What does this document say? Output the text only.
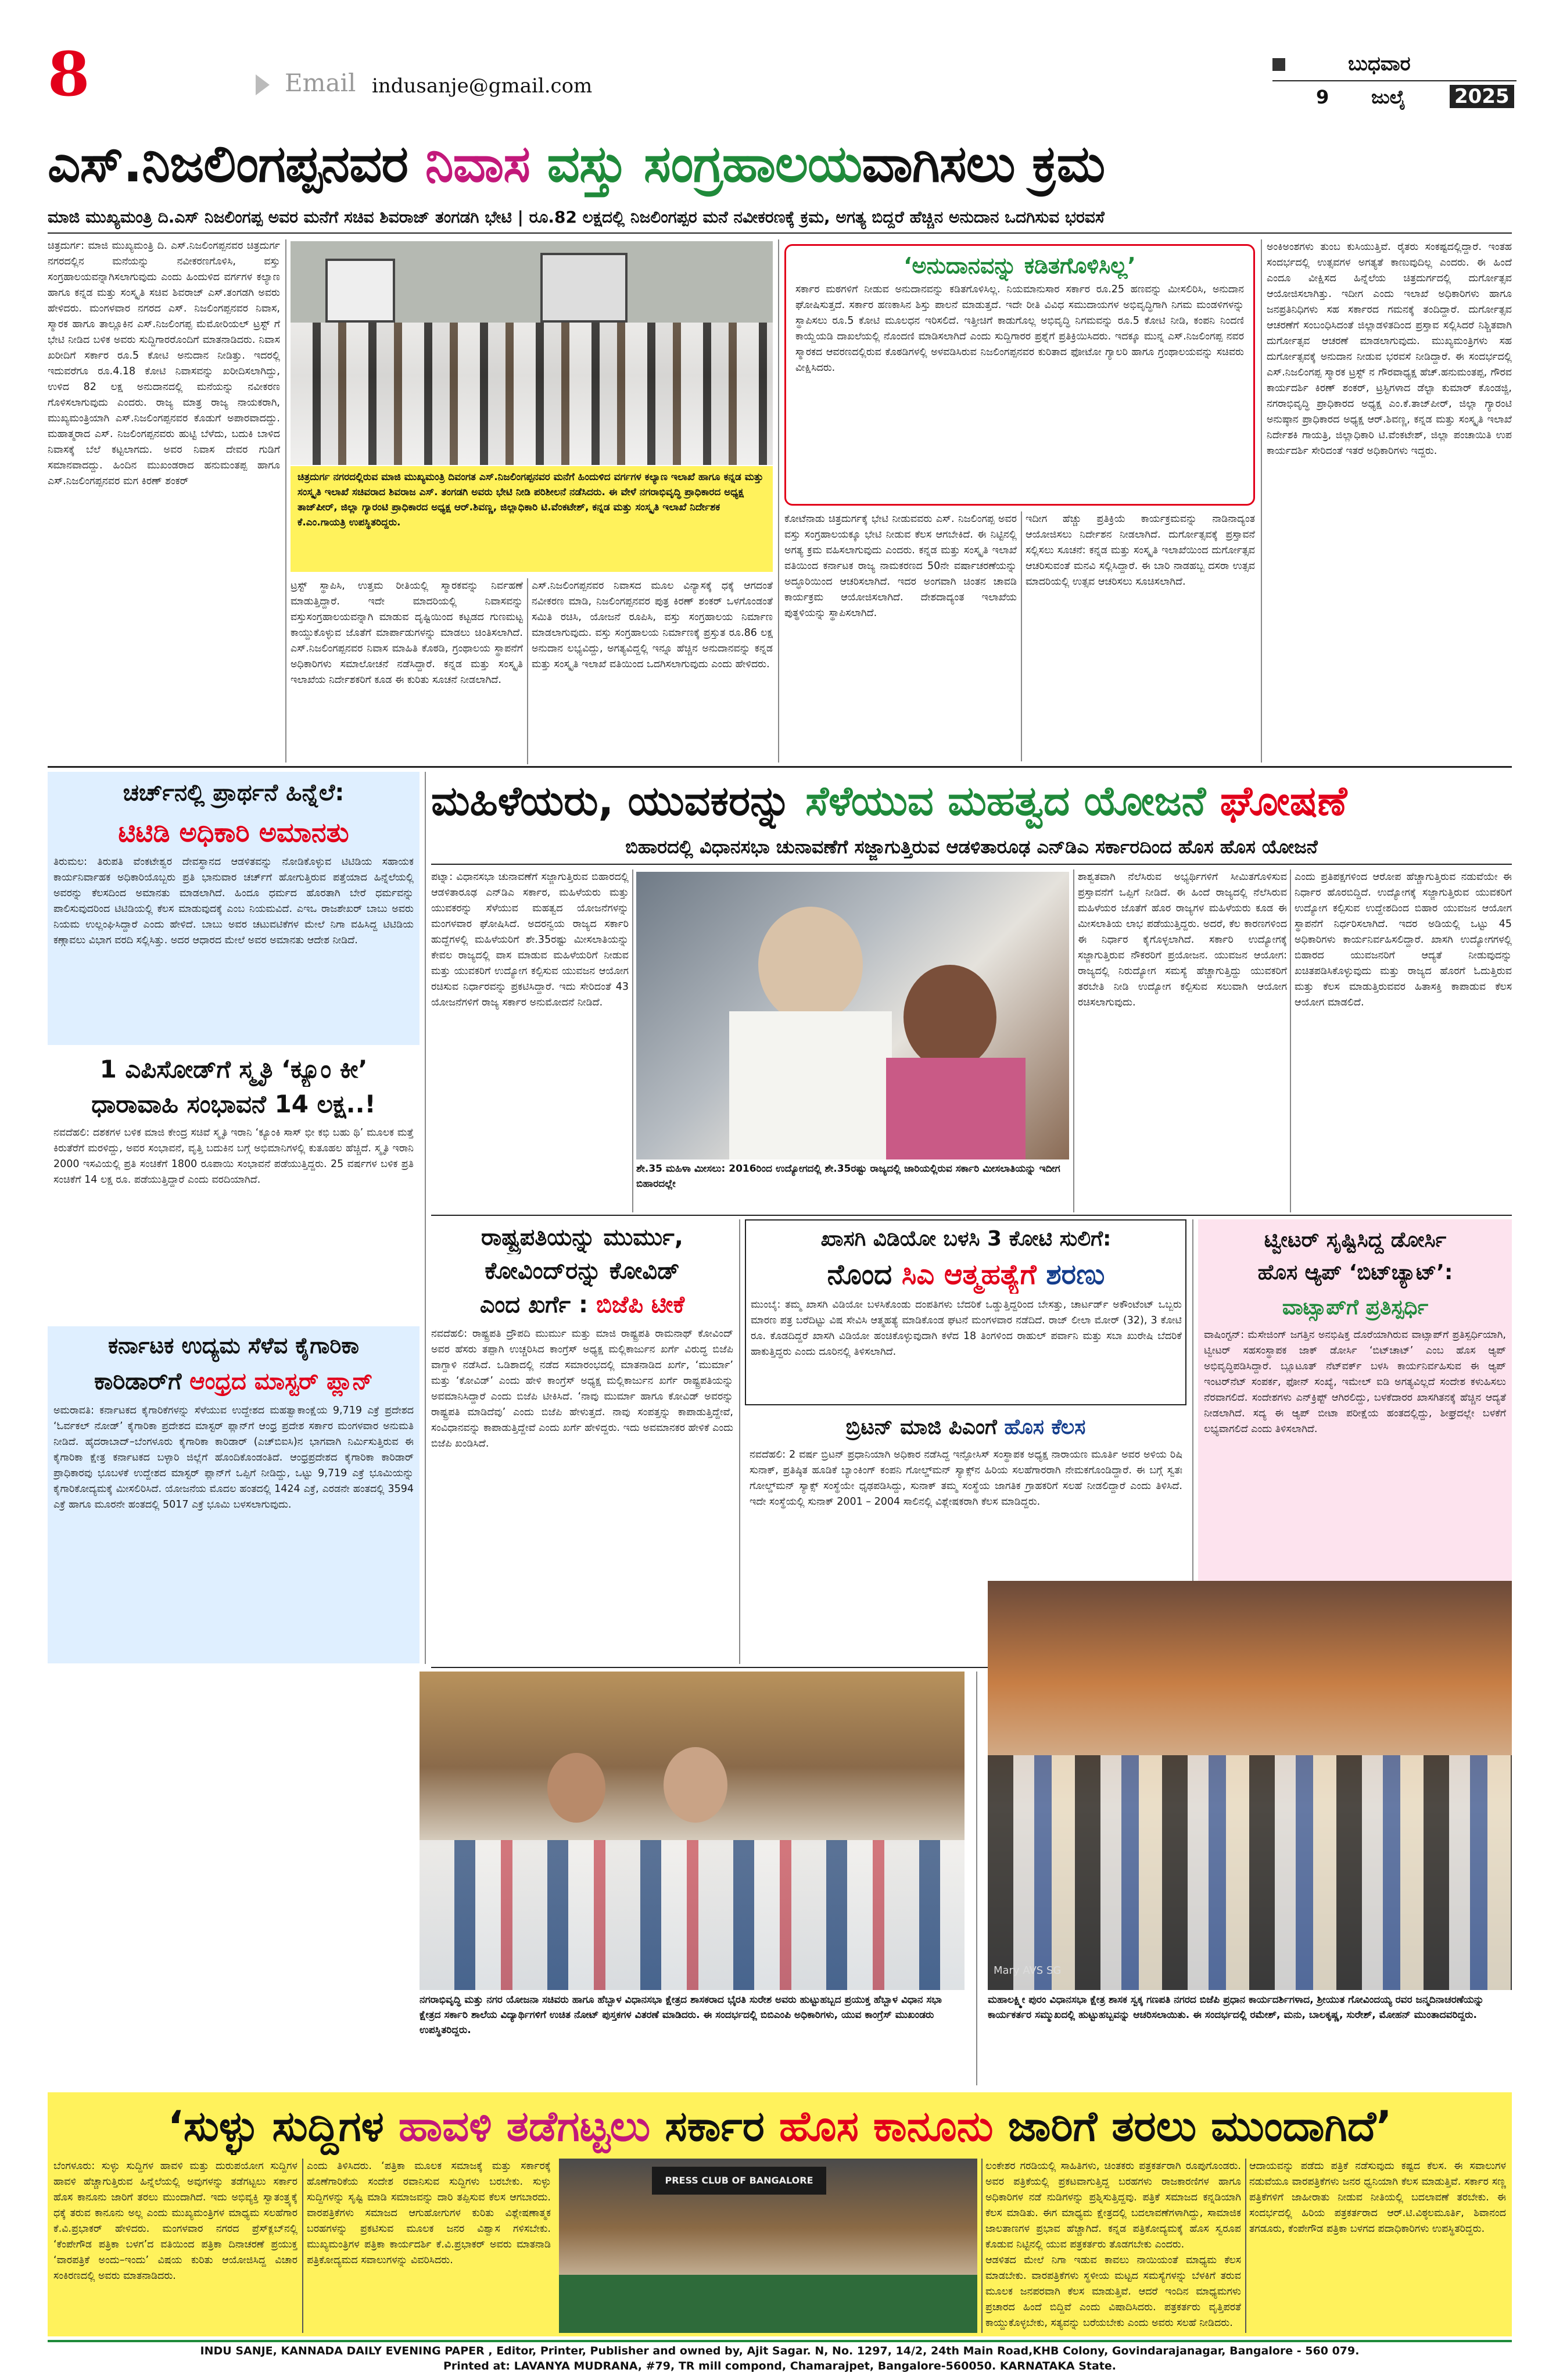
8	Email indusanje@gmail.com
ಬುಧವಾರ
9 ಜುಲೈ 2025
ಎಸ್.ನಿಜಲಿಂಗಪ್ಪನವರ ನಿವಾಸ ವಸ್ತು ಸಂಗ್ರಹಾಲಯವಾಗಿಸಲು ಕ್ರಮ
ಮಾಜಿ ಮುಖ್ಯಮಂತ್ರಿ ದಿ.ಎಸ್ ನಿಜಲಿಂಗಪ್ಪ ಅವರ ಮನೆಗೆ ಸಚಿವ ಶಿವರಾಜ್ ತಂಗಡಗಿ ಭೇಟಿ | ರೂ.82 ಲಕ್ಷದಲ್ಲಿ ನಿಜಲಿಂಗಪ್ಪರ ಮನೆ ನವೀಕರಣಕ್ಕೆ ಕ್ರಮ, ಅಗತ್ಯ ಬಿದ್ದರೆ ಹೆಚ್ಚಿನ ಅನುದಾನ ಒದಗಿಸುವ ಭರವಸೆ
ಚಿತ್ರದುರ್ಗ: ಮಾಜಿ ಮುಖ್ಯಮಂತ್ರಿ ದಿ. ಎಸ್.ನಿಜಲಿಂಗಪ್ಪನವರ ಚಿತ್ರದುರ್ಗ ನಗರದಲ್ಲಿನ ಮನೆಯನ್ನು ನವೀಕರಣಗೊಳಿಸಿ, ವಸ್ತು ಸಂಗ್ರಹಾಲಯವನ್ನಾಗಿಸಲಾಗುವುದು ಎಂದು ಹಿಂದುಳಿದ ವರ್ಗಗಳ ಕಲ್ಯಾಣ ಹಾಗೂ ಕನ್ನಡ ಮತ್ತು ಸಂಸ್ಕೃತಿ ಸಚಿವ ಶಿವರಾಜ್ ಎಸ್.ತಂಗಡಗಿ ಅವರು ಹೇಳಿದರು. ಮಂಗಳವಾರ ನಗರದ ಎಸ್. ನಿಜಲಿಂಗಪ್ಪನವರ ನಿವಾಸ, ಸ್ಮಾರಕ ಹಾಗೂ ತಾಲ್ಲೂಕಿನ ಎಸ್.ನಿಜಲಿಂಗಪ್ಪ ಮೆಮೋರಿಯಲ್ ಟ್ರಸ್ಟ್ ಗೆ ಭೇಟಿ ನೀಡಿದ ಬಳಿಕ ಅವರು ಸುದ್ದಿಗಾರರೊಂದಿಗೆ ಮಾತನಾಡಿದರು. ನಿವಾಸ ಖರೀದಿಗೆ ಸರ್ಕಾರ ರೂ.5 ಕೋಟಿ ಅನುದಾನ ನೀಡಿತ್ತು. ಇದರಲ್ಲಿ ಇದುವರೆಗೂ ರೂ.4.18 ಕೋಟಿ ನಿವಾಸವನ್ನು ಖರೀದಿಸಲಾಗಿದ್ದು, ಉಳಿದ 82 ಲಕ್ಷ ಅನುದಾನದಲ್ಲಿ ಮನೆಯನ್ನು ನವೀಕರಣ ಗೊಳಿಸಲಾಗುವುದು ಎಂದರು. ರಾಜ್ಯ ಮಾತ್ರ ರಾಜ್ಯ ನಾಯಕರಾಗಿ, ಮುಖ್ಯಮಂತ್ರಿಯಾಗಿ ಎಸ್.ನಿಜಲಿಂಗಪ್ಪನವರ ಕೊಡುಗೆ ಅಪಾರವಾದದ್ದು. ಮಹಾತ್ಮರಾದ ಎಸ್. ನಿಜಲಿಂಗಪ್ಪನವರು ಹುಟ್ಟಿ ಬೆಳೆದು, ಬದುಕಿ ಬಾಳಿದ ನಿವಾಸಕ್ಕೆ ಬೆಲೆ ಕಟ್ಟಲಾಗದು. ಅವರ ನಿವಾಸ ದೇವರ ಗುಡಿಗೆ ಸಮಾನವಾದದ್ದು. ಹಿಂದಿನ ಮುಖಂಡರಾದ ಹನುಮಂತಪ್ಪ ಹಾಗೂ ಎಸ್.ನಿಜಲಿಂಗಪ್ಪನವರ ಮಗ ಕಿರಣ್ ಶಂಕರ್	ಚಿತ್ರದುರ್ಗ ನಗರದಲ್ಲಿರುವ ಮಾಜಿ ಮುಖ್ಯಮಂತ್ರಿ ದಿವಂಗತ ಎಸ್.ನಿಜಲಿಂಗಪ್ಪನವರ ಮನೆಗೆ ಹಿಂದುಳಿದ ವರ್ಗಗಳ ಕಲ್ಯಾಣ ಇಲಾಖೆ ಹಾಗೂ ಕನ್ನಡ ಮತ್ತು ಸಂಸ್ಕೃತಿ ಇಲಾಖೆ ಸಚಿವರಾದ ಶಿವರಾಜ ಎಸ್. ತಂಗಡಗಿ ಅವರು ಭೇಟಿ ನೀಡಿ ಪರಿಶೀಲನೆ ನಡೆಸಿದರು. ಈ ವೇಳೆ ನಗರಾಭಿವೃದ್ಧಿ ಪ್ರಾಧಿಕಾರದ ಅಧ್ಯಕ್ಷ ತಾಜ್‌ಪೀರ್, ಜಿಲ್ಲಾ ಗ್ಯಾರಂಟಿ ಪ್ರಾಧಿಕಾರದ ಅಧ್ಯಕ್ಷ ಆರ್.ಶಿವಣ್ಣ, ಜಿಲ್ಲಾಧಿಕಾರಿ ಟಿ.ವೆಂಕಟೇಶ್, ಕನ್ನಡ ಮತ್ತು ಸಂಸ್ಕೃತಿ ಇಲಾಖೆ ನಿರ್ದೇಶಕ ಕೆ.ಎಂ.ಗಾಯತ್ರಿ ಉಪಸ್ಥಿತರಿದ್ದರು.
ಟ್ರಸ್ಟ್ ಸ್ಥಾಪಿಸಿ, ಉತ್ತಮ ರೀತಿಯಲ್ಲಿ ಸ್ಮಾರಕವನ್ನು ನಿರ್ವಹಣೆ ಮಾಡುತ್ತಿದ್ದಾರೆ. ಇದೇ ಮಾದರಿಯಲ್ಲಿ ನಿವಾಸವನ್ನು ವಸ್ತುಸಂಗ್ರಹಾಲಯವನ್ನಾಗಿ ಮಾಡುವ ದೃಷ್ಟಿಯಿಂದ ಕಟ್ಟಡದ ಗುಣಮಟ್ಟ ಕಾಯ್ದುಕೊಳ್ಳುವ ಜೊತೆಗೆ ಮಾರ್ಪಾಡುಗಳನ್ನು ಮಾಡಲು ಚಿಂತಿಸಲಾಗಿದೆ. ಎಸ್.ನಿಜಲಿಂಗಪ್ಪನವರ ನಿವಾಸ ಮಾಹಿತಿ ಕೊಠಡಿ, ಗ್ರಂಥಾಲಯ ಸ್ಥಾಪನೆಗೆ ಅಧಿಕಾರಿಗಳು ಸಮಾಲೋಚನೆ ನಡೆಸಿದ್ದಾರೆ. ಕನ್ನಡ ಮತ್ತು ಸಂಸ್ಕೃತಿ ಇಲಾಖೆಯ ನಿರ್ದೇಶಕರಿಗೆ ಕೂಡ ಈ ಕುರಿತು ಸೂಚನೆ ನೀಡಲಾಗಿದೆ.
ಎಸ್.ನಿಜಲಿಂಗಪ್ಪನವರ ನಿವಾಸದ ಮೂಲ ವಿನ್ಯಾಸಕ್ಕೆ ಧಕ್ಕೆ ಆಗದಂತೆ ನವೀಕರಣ ಮಾಡಿ, ನಿಜಲಿಂಗಪ್ಪನವರ ಪುತ್ರ ಕಿರಣ್ ಶಂಕರ್ ಒಳಗೊಂಡಂತೆ ಸಮಿತಿ ರಚಿಸಿ, ಯೋಜನೆ ರೂಪಿಸಿ, ವಸ್ತು ಸಂಗ್ರಹಾಲಯ ನಿರ್ಮಾಣ ಮಾಡಲಾಗುವುದು. ವಸ್ತು ಸಂಗ್ರಹಾಲಯ ನಿರ್ಮಾಣಕ್ಕೆ ಪ್ರಸ್ತುತ ರೂ.86 ಲಕ್ಷ ಅನುದಾನ ಲಭ್ಯವಿದ್ದು, ಅಗತ್ಯವಿದ್ದಲ್ಲಿ ಇನ್ನೂ ಹೆಚ್ಚಿನ ಅನುದಾನವನ್ನು ಕನ್ನಡ ಮತ್ತು ಸಂಸ್ಕೃತಿ ಇಲಾಖೆ ವತಿಯಿಂದ ಒದಗಿಸಲಾಗುವುದು ಎಂದು ಹೇಳಿದರು.
‘ಅನುದಾನವನ್ನು ಕಡಿತಗೊಳಿಸಿಲ್ಲ’
ಸರ್ಕಾರ ಮಠಗಳಿಗೆ ನೀಡುವ ಅನುದಾನವನ್ನು ಕಡಿತಗೊಳಿಸಿಲ್ಲ. ನಿಯಮಾನುಸಾರ ಸರ್ಕಾರ ರೂ.25 ಹಣವನ್ನು ಮೀಸಲಿರಿಸಿ, ಅನುದಾನ ಘೋಷಿಸುತ್ತದೆ. ಸರ್ಕಾರ ಹಣಕಾಸಿನ ಶಿಸ್ತು ಪಾಲನೆ ಮಾಡುತ್ತದೆ. ಇದೇ ರೀತಿ ವಿವಿಧ ಸಮುದಾಯಗಳ ಅಭಿವೃದ್ಧಿಗಾಗಿ ನಿಗಮ ಮಂಡಳಿಗಳನ್ನು ಸ್ಥಾಪಿಸಲು ರೂ.5 ಕೋಟಿ ಮೂಲಧನ ಇರಿಸಲಿದೆ. ಇತ್ತೀಚಿಗೆ ಕಾಡುಗೊಲ್ಲ ಅಭಿವೃದ್ಧಿ ನಿಗಮವನ್ನು ರೂ.5 ಕೋಟಿ ನೀಡಿ, ಕಂಪನಿ ನಿಂದಣಿ ಕಾಯ್ದೆಯಡಿ ದಾಖಲೆಯಲ್ಲಿ ನೊಂದಣಿ ಮಾಡಿಸಲಾಗಿದೆ ಎಂದು ಸುದ್ದಿಗಾರರ ಪ್ರಶ್ನೆಗೆ ಪ್ರತಿಕ್ರಿಯಿಸಿದರು. ಇದಕ್ಕೂ ಮುನ್ನ ಎಸ್.ನಿಜಲಿಂಗಪ್ಪ ನವರ ಸ್ಮಾರಕದ ಆವರಣದಲ್ಲಿರುವ ಕೊಠಡಿಗಳಲ್ಲಿ ಅಳವಡಿಸಿರುವ ನಿಜಲಿಂಗಪ್ಪನವರ ಕುರಿತಾದ ಫೋಟೋ ಗ್ಯಾಲರಿ ಹಾಗೂ ಗ್ರಂಥಾಲಯವನ್ನು ಸಚಿವರು ವೀಕ್ಷಿಸಿದರು.
ಕೋಟೆನಾಡು ಚಿತ್ರದುರ್ಗಕ್ಕೆ ಭೇಟಿ ನೀಡುವವರು ಎಸ್. ನಿಜಲಿಂಗಪ್ಪ ಅವರ ವಸ್ತು ಸಂಗ್ರಹಾಲಯಕ್ಕೂ ಭೇಟಿ ನೀಡುವ ಕೆಲಸ ಆಗಬೇಕಿದೆ. ಈ ನಿಟ್ಟಿನಲ್ಲಿ ಅಗತ್ಯ ಕ್ರಮ ವಹಿಸಲಾಗುವುದು ಎಂದರು. ಕನ್ನಡ ಮತ್ತು ಸಂಸ್ಕೃತಿ ಇಲಾಖೆ ವತಿಯಿಂದ ಕರ್ನಾಟಕ ರಾಜ್ಯ ನಾಮಕರಣದ 50ನೇ ವರ್ಷಾಚರಣೆಯನ್ನು ಅದ್ಧೂರಿಯಿಂದ ಆಚರಿಸಲಾಗಿದೆ. ಇದರ ಅಂಗವಾಗಿ ಚಿಂತನ ಚಾವಡಿ ಕಾರ್ಯಕ್ರಮ ಆಯೋಜಿಸಲಾಗಿದೆ. ದೇಶದಾದ್ಯಂತ ಇಲಾಖೆಯ ಪುತ್ಥಳಿಯನ್ನು ಸ್ಥಾಪಿಸಲಾಗಿದೆ.
ಇದೀಗ ಹೆಚ್ಚು ಪ್ರತಿಕ್ರಿಯೆ ಕಾರ್ಯಕ್ರಮವನ್ನು ನಾಡಿನಾದ್ಯಂತ ಆಯೋಜಿಸಲು ನಿರ್ದೇಶನ ನೀಡಲಾಗಿದೆ. ದುರ್ಗೋತ್ಸವಕ್ಕೆ ಪ್ರಸ್ತಾವನೆ ಸಲ್ಲಿಸಲು ಸೂಚನೆ: ಕನ್ನಡ ಮತ್ತು ಸಂಸ್ಕೃತಿ ಇಲಾಖೆಯಿಂದ ದುರ್ಗೋತ್ಸವ ಆಚರಿಸುವಂತೆ ಮನವಿ ಸಲ್ಲಿಸಿದ್ದಾರೆ. ಈ ಬಾರಿ ನಾಡಹಬ್ಬ ದಸರಾ ಉತ್ಸವ ಮಾದರಿಯಲ್ಲಿ ಉತ್ಸವ ಆಚರಿಸಲು ಸೂಚಿಸಲಾಗಿದೆ.
ಅಂಕಿಅಂಶಗಳು ತುಂಬ ಕುಸಿಯುತ್ತಿವೆ. ರೈತರು ಸಂಕಷ್ಟದಲ್ಲಿದ್ದಾರೆ. ಇಂತಹ ಸಂದರ್ಭದಲ್ಲಿ ಉತ್ಸವಗಳ ಅಗತ್ಯತೆ ಕಾಣುವುದಿಲ್ಲ ಎಂದರು. ಈ ಹಿಂದೆ ಎಂದೂ ವೀಕ್ಷಿಸದ ಹಿನ್ನೆಲೆಯ ಚಿತ್ರದುರ್ಗದಲ್ಲಿ ದುರ್ಗೋತ್ಸವ ಆಯೋಜಿಸಲಾಗಿತ್ತು. ಇದೀಗ ಎಂದು ಇಲಾಖೆ ಅಧಿಕಾರಿಗಳು ಹಾಗೂ ಜನಪ್ರತಿನಿಧಿಗಳು ಸಹ ಸರ್ಕಾರದ ಗಮನಕ್ಕೆ ತಂದಿದ್ದಾರೆ. ದುರ್ಗೋತ್ಸವ ಆಚರಣೆಗೆ ಸಂಬಂಧಿಸಿದಂತೆ ಜಿಲ್ಲಾಡಳಿತದಿಂದ ಪ್ರಸ್ತಾವ ಸಲ್ಲಿಸಿದರೆ ನಿಶ್ಚಿತವಾಗಿ ದುರ್ಗೋತ್ಸವ ಆಚರಣೆ ಮಾಡಲಾಗುವುದು. ಮುಖ್ಯಮಂತ್ರಿಗಳು ಸಹ ದುರ್ಗೋತ್ಸವಕ್ಕೆ ಅನುದಾನ ನೀಡುವ ಭರವಸೆ ನೀಡಿದ್ದಾರೆ. ಈ ಸಂದರ್ಭದಲ್ಲಿ ಎಸ್.ನಿಜಲಿಂಗಪ್ಪ ಸ್ಮಾರಕ ಟ್ರಸ್ಟ್ ನ ಗೌರವಾಧ್ಯಕ್ಷ ಹೆಚ್.ಹನುಮಂತಪ್ಪ, ಗೌರವ ಕಾರ್ಯದರ್ಶಿ ಕಿರಣ್ ಶಂಕರ್, ಟ್ರಸ್ಟಿಗಳಾದ ಡೆಲ್ಟಾ ಕುಮಾರ್ ಕೊಂಡಜ್ಜಿ, ನಗರಾಭಿವೃದ್ಧಿ ಪ್ರಾಧಿಕಾರದ ಅಧ್ಯಕ್ಷ ಎಂ.ಕೆ.ತಾಜ್‌ಪೀರ್, ಜಿಲ್ಲಾ ಗ್ಯಾರಂಟಿ ಅನುಷ್ಠಾನ ಪ್ರಾಧಿಕಾರದ ಅಧ್ಯಕ್ಷ ಆರ್.ಶಿವಣ್ಣ, ಕನ್ನಡ ಮತ್ತು ಸಂಸ್ಕೃತಿ ಇಲಾಖೆ ನಿರ್ದೇಶಕಿ ಗಾಯತ್ರಿ, ಜಿಲ್ಲಾಧಿಕಾರಿ ಟಿ.ವೆಂಕಟೇಶ್, ಜಿಲ್ಲಾ ಪಂಚಾಯಿತಿ ಉಪ ಕಾರ್ಯದರ್ಶಿ ಸೇರಿದಂತೆ ಇತರೆ ಅಧಿಕಾರಿಗಳು ಇದ್ದರು.
ಚರ್ಚ್‌ನಲ್ಲಿ ಪ್ರಾರ್ಥನೆ ಹಿನ್ನೆಲೆ:
ಟಿಟಿಡಿ ಅಧಿಕಾರಿ ಅಮಾನತು
ತಿರುಮಲ: ತಿರುಪತಿ ವೆಂಕಟೇಶ್ವರ ದೇವಸ್ಥಾನದ ಆಡಳಿತವನ್ನು ನೋಡಿಕೊಳ್ಳುವ ಟಿಟಿಡಿಯ ಸಹಾಯಕ ಕಾರ್ಯನಿರ್ವಾಹಕ ಅಧಿಕಾರಿಯೊಬ್ಬರು ಪ್ರತಿ ಭಾನುವಾರ ಚರ್ಚ್‌ಗೆ ಹೋಗುತ್ತಿರುವ ಪತ್ತೆಯಾದ ಹಿನ್ನೆಲೆಯಲ್ಲಿ ಅವರನ್ನು ಕೆಲಸದಿಂದ ಅಮಾನತು ಮಾಡಲಾಗಿದೆ. ಹಿಂದೂ ಧರ್ಮದ ಹೊರತಾಗಿ ಬೇರೆ ಧರ್ಮವನ್ನು ಪಾಲಿಸುವುದರಿಂದ ಟಿಟಿಡಿಯಲ್ಲಿ ಕೆಲಸ ಮಾಡುವುದಕ್ಕೆ ಎಂಬ ನಿಯಮವಿದೆ. ಎಇಒ ರಾಜಶೇಖರ್ ಬಾಬು ಅವರು ನಿಯಮ ಉಲ್ಲಂಘಿಸಿದ್ದಾರೆ ಎಂದು ಹೇಳಿದೆ. ಬಾಬು ಅವರ ಚಟುವಟಿಕೆಗಳ ಮೇಲೆ ನಿಗಾ ವಹಿಸಿದ್ದ ಟಿಟಿಡಿಯ ಕಣ್ಗಾವಲು ವಿಭಾಗ ವರದಿ ಸಲ್ಲಿಸಿತ್ತು. ಅದರ ಆಧಾರದ ಮೇಲೆ ಅವರ ಅಮಾನತು ಆದೇಶ ನೀಡಿದೆ.
1 ಎಪಿಸೋಡ್‌ಗೆ ಸ್ಮೃತಿ ‘ಕ್ಯೂಂ ಕೀ’
ಧಾರಾವಾಹಿ ಸಂಭಾವನೆ 14 ಲಕ್ಷ..!
ನವದೆಹಲಿ: ದಶಕಗಳ ಬಳಿಕ ಮಾಜಿ ಕೇಂದ್ರ ಸಚಿವೆ ಸ್ಮೃತಿ ಇರಾನಿ ‘ಕ್ಯೂಂಕಿ ಸಾಸ್ ಭೀ ಕಭಿ ಬಹು ಥಿ’ ಮೂಲಕ ಮತ್ತೆ ಕಿರುತೆರೆಗೆ ಮರಳಿದ್ದು, ಅವರ ಸಂಭಾವನೆ, ವೃತ್ತಿ ಬದುಕಿನ ಬಗ್ಗೆ ಅಭಿಮಾನಿಗಳಲ್ಲಿ ಕುತೂಹಲ ಹೆಚ್ಚಿದೆ. ಸ್ಮೃತಿ ಇರಾನಿ 2000 ಇಸವಿಯಲ್ಲಿ ಪ್ರತಿ ಸಂಚಿಕೆಗೆ 1800 ರೂಪಾಯಿ ಸಂಭಾವನೆ ಪಡೆಯುತ್ತಿದ್ದರು. 25 ವರ್ಷಗಳ ಬಳಿಕ ಪ್ರತಿ ಸಂಚಿಕೆಗೆ 14 ಲಕ್ಷ ರೂ. ಪಡೆಯುತ್ತಿದ್ದಾರೆ ಎಂದು ವರದಿಯಾಗಿದೆ.
ಕರ್ನಾಟಕ ಉದ್ಯಮ ಸೆಳೆವ ಕೈಗಾರಿಕಾ
ಕಾರಿಡಾರ್‌ಗೆ ಆಂಧ್ರದ ಮಾಸ್ಟರ್ ಪ್ಲಾನ್
ಅಮರಾವತಿ: ಕರ್ನಾಟಕದ ಕೈಗಾರಿಕೆಗಳನ್ನು ಸೆಳೆಯುವ ಉದ್ದೇಶದ ಮಹತ್ವಾಕಾಂಕ್ಷೆಯ 9,719 ಎಕ್ರೆ ಪ್ರದೇಶದ ‘ಓರ್ವಕಲ್ ನೋಡ್’ ಕೈಗಾರಿಕಾ ಪ್ರದೇಶದ ಮಾಸ್ಟರ್ ಪ್ಲಾನ್‌ಗೆ ಆಂಧ್ರ ಪ್ರದೇಶ ಸರ್ಕಾರ ಮಂಗಳವಾರ ಅನುಮತಿ ನೀಡಿದೆ. ಹೈದರಾಬಾದ್–ಬೆಂಗಳೂರು ಕೈಗಾರಿಕಾ ಕಾರಿಡಾರ್ (ಎಚ್‌ಬಿಐಸಿ)ನ ಭಾಗವಾಗಿ ನಿರ್ಮಿಸುತ್ತಿರುವ ಈ ಕೈಗಾರಿಕಾ ಕ್ಷೇತ್ರ ಕರ್ನಾಟಕದ ಬಳ್ಳಾರಿ ಜಿಲ್ಲೆಗೆ ಹೊಂದಿಕೊಂಡಂತಿದೆ. ಆಂಧ್ರಪ್ರದೇಶದ ಕೈಗಾರಿಕಾ ಕಾರಿಡಾರ್ ಪ್ರಾಧಿಕಾರವು ಭೂಬಳಕೆ ಉದ್ದೇಶದ ಮಾಸ್ಟರ್ ಪ್ಲಾನ್‌ಗೆ ಒಪ್ಪಿಗೆ ನೀಡಿದ್ದು, ಒಟ್ಟು 9,719 ಎಕ್ರೆ ಭೂಮಿಯನ್ನು ಕೈಗಾರಿಕೋದ್ಯಮಕ್ಕೆ ಮೀಸಲಿರಿಸಿದೆ. ಯೋಜನೆಯ ಮೊದಲ ಹಂತದಲ್ಲಿ 1424 ಎಕ್ರೆ, ಎರಡನೇ ಹಂತದಲ್ಲಿ 3594 ಎಕ್ರೆ ಹಾಗೂ ಮೂರನೇ ಹಂತದಲ್ಲಿ 5017 ಎಕ್ರೆ ಭೂಮಿ ಬಳಸಲಾಗುವುದು.
ಮಹಿಳೆಯರು, ಯುವಕರನ್ನು ಸೆಳೆಯುವ ಮಹತ್ವದ ಯೋಜನೆ ಘೋಷಣೆ
ಬಿಹಾರದಲ್ಲಿ ವಿಧಾನಸಭಾ ಚುನಾವಣೆಗೆ ಸಜ್ಜಾಗುತ್ತಿರುವ ಆಡಳಿತಾರೂಢ ಎನ್‌ಡಿಎ ಸರ್ಕಾರದಿಂದ ಹೊಸ ಹೊಸ ಯೋಜನೆ
ಪಟ್ನಾ: ವಿಧಾನಸಭಾ ಚುನಾವಣೆಗೆ ಸಜ್ಜಾಗುತ್ತಿರುವ ಬಿಹಾರದಲ್ಲಿ ಆಡಳಿತಾರೂಢ ಎನ್‌ಡಿಎ ಸರ್ಕಾರ, ಮಹಿಳೆಯರು ಮತ್ತು ಯುವಕರನ್ನು ಸೆಳೆಯುವ ಮಹತ್ವದ ಯೋಜನೆಗಳನ್ನು ಮಂಗಳವಾರ ಘೋಷಿಸಿದೆ. ಅದರನ್ವಯ ರಾಜ್ಯದ ಸರ್ಕಾರಿ ಹುದ್ದೆಗಳಲ್ಲಿ ಮಹಿಳೆಯರಿಗೆ ಶೇ.35ರಷ್ಟು ಮೀಸಲಾತಿಯನ್ನು ಕೇವಲ ರಾಜ್ಯದಲ್ಲಿ ವಾಸ ಮಾಡುವ ಮಹಿಳೆಯರಿಗೆ ನೀಡುವ ಮತ್ತು ಯುವಕರಿಗೆ ಉದ್ಯೋಗ ಕಲ್ಪಿಸುವ ಯುವಜನ ಆಯೋಗ ರಚಿಸುವ ನಿರ್ಧಾರವನ್ನು ಪ್ರಕಟಿಸಿದ್ದಾರೆ. ಇದು ಸೇರಿದಂತೆ 43 ಯೋಜನೆಗಳಿಗೆ ರಾಜ್ಯ ಸರ್ಕಾರ ಅನುಮೋದನೆ ನೀಡಿದೆ.
ಶೇ.35 ಮಹಿಳಾ ಮೀಸಲು: 2016ರಿಂದ ಉದ್ಯೋಗದಲ್ಲಿ ಶೇ.35ರಷ್ಟು ರಾಜ್ಯದಲ್ಲಿ ಜಾರಿಯಲ್ಲಿರುವ ಸರ್ಕಾರಿ ಮೀಸಲಾತಿಯನ್ನು ಇದೀಗ ಬಿಹಾರದಲ್ಲೇ
ಶಾಶ್ವತವಾಗಿ ನೆಲೆಸಿರುವ ಅಭ್ಯರ್ಥಿಗಳಿಗೆ ಸೀಮಿತಗೊಳಿಸುವ ಪ್ರಸ್ತಾವನೆಗೆ ಒಪ್ಪಿಗೆ ನೀಡಿದೆ. ಈ ಹಿಂದೆ ರಾಜ್ಯದಲ್ಲಿ ನೆಲೆಸಿರುವ ಮಹಿಳೆಯರ ಜೊತೆಗೆ ಹೊರ ರಾಜ್ಯಗಳ ಮಹಿಳೆಯರು ಕೂಡ ಈ ಮೀಸಲಾತಿಯ ಲಾಭ ಪಡೆಯುತ್ತಿದ್ದರು. ಅದರೆ, ಕೆಲ ಕಾರಣಗಳಿಂದ ಈ ನಿರ್ಧಾರ ಕೈಗೊಳ್ಳಲಾಗಿದೆ. ಸರ್ಕಾರಿ ಉದ್ಯೋಗಕ್ಕೆ ಸಜ್ಜಾಗುತ್ತಿರುವ ನೌಕರರಿಗೆ ಪ್ರಯೋಜನ. ಯುವಜನ ಆಯೋಗ: ರಾಜ್ಯದಲ್ಲಿ ನಿರುದ್ಯೋಗ ಸಮಸ್ಯೆ ಹೆಚ್ಚಾಗುತ್ತಿದ್ದು ಯುವಕರಿಗೆ ತರಬೇತಿ ನೀಡಿ ಉದ್ಯೋಗ ಕಲ್ಪಿಸುವ ಸಲುವಾಗಿ ಆಯೋಗ ರಚಿಸಲಾಗುವುದು.
ಎಂದು ಪ್ರತಿಪಕ್ಷಗಳಿಂದ ಆರೋಪ ಹೆಚ್ಚಾಗುತ್ತಿರುವ ನಡುವೆಯೇ ಈ ನಿರ್ಧಾರ ಹೊರಬಿದ್ದಿದೆ. ಉದ್ಯೋಗಕ್ಕೆ ಸಜ್ಜಾಗುತ್ತಿರುವ ಯುವಕರಿಗೆ ಉದ್ಯೋಗ ಕಲ್ಪಿಸುವ ಉದ್ದೇಶದಿಂದ ಬಿಹಾರ ಯುವಜನ ಆಯೋಗ ಸ್ಥಾಪನೆಗೆ ನಿರ್ಧರಿಸಲಾಗಿದೆ. ಇದರ ಅಡಿಯಲ್ಲಿ ಒಟ್ಟು 45 ಅಧಿಕಾರಿಗಳು ಕಾರ್ಯನಿರ್ವಹಿಸಲಿದ್ದಾರೆ. ಖಾಸಗಿ ಉದ್ಯೋಗಗಳಲ್ಲಿ ಬಿಹಾರದ ಯುವಜನರಿಗೆ ಆದ್ಯತೆ ನೀಡುವುದನ್ನು ಖಚಿತಪಡಿಸಿಕೊಳ್ಳುವುದು ಮತ್ತು ರಾಜ್ಯದ ಹೊರಗೆ ಓದುತ್ತಿರುವ ಮತ್ತು ಕೆಲಸ ಮಾಡುತ್ತಿರುವವರ ಹಿತಾಸಕ್ತಿ ಕಾಪಾಡುವ ಕೆಲಸ ಆಯೋಗ ಮಾಡಲಿದೆ.
ರಾಷ್ಟ್ರಪತಿಯನ್ನು ಮುರ್ಮು,
ಕೋವಿಂದ್‌ರನ್ನು ಕೋವಿಡ್
ಎಂದ ಖರ್ಗೆ : ಬಿಜೆಪಿ ಟೀಕೆ
ನವದೆಹಲಿ: ರಾಷ್ಟ್ರಪತಿ ದ್ರೌಪದಿ ಮುರ್ಮು ಮತ್ತು ಮಾಜಿ ರಾಷ್ಟ್ರಪತಿ ರಾಮನಾಥ್ ಕೋವಿಂದ್ ಅವರ ಹೆಸರು ತಪ್ಪಾಗಿ ಉಚ್ಚರಿಸಿದ ಕಾಂಗ್ರೆಸ್ ಅಧ್ಯಕ್ಷ ಮಲ್ಲಿಕಾರ್ಜುನ ಖರ್ಗೆ ವಿರುದ್ಧ ಬಿಜೆಪಿ ವಾಗ್ದಾಳಿ ನಡೆಸಿದೆ. ಒಡಿಶಾದಲ್ಲಿ ನಡೆದ ಸಮಾರಂಭದಲ್ಲಿ ಮಾತನಾಡಿದ ಖರ್ಗೆ, ‘ಮುರ್ಮಾ’ ಮತ್ತು ‘ಕೋವಿಡ್’ ಎಂದು ಹೇಳಿ ಕಾಂಗ್ರೆಸ್ ಅಧ್ಯಕ್ಷ ಮಲ್ಲಿಕಾರ್ಜುನ ಖರ್ಗೆ ರಾಷ್ಟ್ರಪತಿಯನ್ನು ಅವಮಾನಿಸಿದ್ದಾರೆ ಎಂದು ಬಿಜೆಪಿ ಟೀಕಿಸಿದೆ. ‘ನಾವು ಮುರ್ಮಾ ಹಾಗೂ ಕೋವಿಡ್ ಅವರನ್ನು ರಾಷ್ಟ್ರಪತಿ ಮಾಡಿದೆವು’ ಎಂದು ಬಿಜೆಪಿ ಹೇಳುತ್ತದೆ. ನಾವು ಸಂಪತ್ತನ್ನು ಕಾಪಾಡುತ್ತಿದ್ದೇವೆ, ಸಂವಿಧಾನವನ್ನು ಕಾಪಾಡುತ್ತಿದ್ದೇವೆ ಎಂದು ಖರ್ಗೆ ಹೇಳಿದ್ದರು. ಇದು ಅವಮಾನಕರ ಹೇಳಿಕೆ ಎಂದು ಬಿಜೆಪಿ ಖಂಡಿಸಿದೆ.
ಖಾಸಗಿ ವಿಡಿಯೋ ಬಳಸಿ 3 ಕೋಟಿ ಸುಲಿಗೆ:
ನೊಂದ ಸಿಎ ಆತ್ಮಹತ್ಯೆಗೆ ಶರಣು
ಮುಂಬೈ: ತಮ್ಮ ಖಾಸಗಿ ವಿಡಿಯೋ ಬಳಸಿಕೊಂಡು ದಂಪತಿಗಳು ಬೆದರಿಕೆ ಒಡ್ಡುತ್ತಿದ್ದರಿಂದ ಬೇಸತ್ತು, ಚಾರ್ಟರ್ಡ್ ಅಕೌಂಟೆಂಟ್ ಒಬ್ಬರು ಮಾರಣ ಪತ್ರ ಬರೆದಿಟ್ಟು ವಿಷ ಸೇವಿಸಿ ಆತ್ಮಹತ್ಯೆ ಮಾಡಿಕೊಂಡ ಘಟನೆ ಮಂಗಳವಾರ ನಡೆದಿದೆ. ರಾಜ್ ಲೀಲಾ ಮೋರ್ (32), 3 ಕೋಟಿ ರೂ. ಕೊಡದಿದ್ದರೆ ಖಾಸಗಿ ವಿಡಿಯೋ ಹಂಚಿಕೊಳ್ಳುವುದಾಗಿ ಕಳೆದ 18 ತಿಂಗಳಿಂದ ರಾಹುಲ್ ಪರ್ವಾನಿ ಮತ್ತು ಸಬಾ ಖುರೇಷಿ ಬೆದರಿಕೆ ಹಾಕುತ್ತಿದ್ದರು ಎಂದು ದೂರಿನಲ್ಲಿ ತಿಳಿಸಲಾಗಿದೆ.
ಬ್ರಿಟನ್ ಮಾಜಿ ಪಿಎಂಗೆ ಹೊಸ ಕೆಲಸ
ನವದೆಹಲಿ: 2 ವರ್ಷ ಬ್ರಿಟನ್ ಪ್ರಧಾನಿಯಾಗಿ ಅಧಿಕಾರ ನಡೆಸಿದ್ದ ಇನ್ಫೋಸಿಸ್ ಸಂಸ್ಥಾಪಕ ಅಧ್ಯಕ್ಷ ನಾರಾಯಣ ಮೂರ್ತಿ ಅವರ ಅಳಿಯ ರಿಷಿ ಸುನಾಕ್, ಪ್ರತಿಷ್ಠಿತ ಹೂಡಿಕೆ ಬ್ಯಾಂಕಿಂಗ್ ಕಂಪನಿ ಗೋಲ್ಡ್‌ಮನ್ ಸ್ಯಾಕ್ಸ್‌ನ ಹಿರಿಯ ಸಲಹೆಗಾರರಾಗಿ ನೇಮಕಗೊಂಡಿದ್ದಾರೆ. ಈ ಬಗ್ಗೆ ಸ್ವತಃ ಗೋಲ್ಡ್‌ಮನ್ ಸ್ಯಾಕ್ಸ್ ಸಂಸ್ಥೆಯೇ ಧೃಢಪಡಿಸಿದ್ದು, ಸುನಾಕ್ ತಮ್ಮ ಸಂಸ್ಥೆಯ ಜಾಗತಿಕ ಗ್ರಾಹಕರಿಗೆ ಸಲಹೆ ನೀಡಲಿದ್ದಾರೆ ಎಂದು ತಿಳಿಸಿದೆ. ಇದೇ ಸಂಸ್ಥೆಯಲ್ಲಿ ಸುನಾಕ್ 2001 – 2004 ಸಾಲಿನಲ್ಲಿ ವಿಶ್ಲೇಷಕರಾಗಿ ಕೆಲಸ ಮಾಡಿದ್ದರು.
ಟ್ವೀಟರ್ ಸೃಷ್ಟಿಸಿದ್ದ ಡೋರ್ಸಿ
ಹೊಸ ಆ್ಯಪ್ ‘ಬಿಟ್‌ಚ್ಯಾಟ್’:
ವಾಟ್ಸಾಪ್‌ಗೆ ಪ್ರತಿಸ್ಪರ್ಧಿ
ವಾಷಿಂಗ್ಟನ್: ಮೆಸೇಜಿಂಗ್ ಜಗತ್ತಿನ ಅನಭಿಷಿಕ್ತ ದೊರೆಯಾಗಿರುವ ವಾಟ್ಸಾಪ್‌ಗೆ ಪ್ರತಿಸ್ಪರ್ಧಿಯಾಗಿ, ಟ್ವೀಟರ್ ಸಹಸಂಸ್ಥಾಪಕ ಜಾಕ್ ಡೋರ್ಸಿ ‘ಬಿಟ್‌ಚಾಟ್’ ಎಂಬ ಹೊಸ ಆ್ಯಪ್ ಅಭಿವೃದ್ಧಿಪಡಿಸಿದ್ದಾರೆ. ಬ್ಲೂಟೂತ್ ನೆಟ್‌ವರ್ಕ್ ಬಳಸಿ ಕಾರ್ಯನಿರ್ವಹಿಸುವ ಈ ಆ್ಯಪ್ ಇಂಟರ್‌ನೆಟ್ ಸಂಪರ್ಕ, ಫೋನ್ ಸಂಖ್ಯೆ, ಇಮೇಲ್ ಐಡಿ ಅಗತ್ಯವಿಲ್ಲದೆ ಸಂದೇಶ ಕಳುಹಿಸಲು ನೆರವಾಗಲಿದೆ. ಸಂದೇಶಗಳು ಎನ್‌ಕ್ರಿಪ್ಟ್ ಆಗಿರಲಿದ್ದು, ಬಳಕೆದಾರರ ಖಾಸಗಿತನಕ್ಕೆ ಹೆಚ್ಚಿನ ಆದ್ಯತೆ ನೀಡಲಾಗಿದೆ. ಸದ್ಯ ಈ ಆ್ಯಪ್ ಬೀಟಾ ಪರೀಕ್ಷೆಯ ಹಂತದಲ್ಲಿದ್ದು, ಶೀಘ್ರದಲ್ಲೇ ಬಳಕೆಗೆ ಲಭ್ಯವಾಗಲಿದೆ ಎಂದು ತಿಳಿಸಲಾಗಿದೆ.
ನಗರಾಭಿವೃದ್ಧಿ ಮತ್ತು ನಗರ ಯೋಜನಾ ಸಚಿವರು ಹಾಗೂ ಹೆಬ್ಬಾಳ ವಿಧಾನಸಭಾ ಕ್ಷೇತ್ರದ ಶಾಸಕರಾದ ಭೈರತಿ ಸುರೇಶ ಅವರು ಹುಟ್ಟುಹಬ್ಬದ ಪ್ರಯುಕ್ತ ಹೆಬ್ಬಾಳ ವಿಧಾನ ಸಭಾ ಕ್ಷೇತ್ರದ ಸರ್ಕಾರಿ ಶಾಲೆಯ ವಿದ್ಯಾರ್ಥಿಗಳಿಗೆ ಉಚಿತ ನೋಟ್ ಪುಸ್ತಕಗಳ ವಿತರಣೆ ಮಾಡಿದರು. ಈ ಸಂದರ್ಭದಲ್ಲಿ ಬಿಬಿಎಂಪಿ ಅಧಿಕಾರಿಗಳು, ಯುವ ಕಾಂಗ್ರೆಸ್ ಮುಖಂಡರು ಉಪಸ್ಥಿತರಿದ್ದರು.
Mary AVS SG
ಮಹಾಲಕ್ಷ್ಮೀ ಪುರಂ ವಿಧಾನಸಭಾ ಕ್ಷೇತ್ರ ಶಾಸಕ ಸ್ವಕ್ಕ ಗಣಪತಿ ನಗರದ ಬಿಜೆಪಿ ಪ್ರಧಾನ ಕಾರ್ಯದರ್ಶಿಗಳಾದ, ಶ್ರೀಯುತ ಗೋವಿಂದಯ್ಯ ರವರ ಜನ್ಮದಿನಾಚರಣೆಯನ್ನು ಕಾರ್ಯಕರ್ತರ ಸಮ್ಮುಖದಲ್ಲಿ ಹುಟ್ಟುಹಬ್ಬವನ್ನು ಆಚರಿಸಲಾಯಿತು. ಈ ಸಂದರ್ಭದಲ್ಲಿ ರಮೇಶ್, ಮನು, ಬಾಲಕೃಷ್ಣ, ಸುರೇಶ್, ಮೋಹನ್ ಮುಂತಾದವರಿದ್ದರು.
‘ಸುಳ್ಳು ಸುದ್ದಿಗಳ ಹಾವಳಿ ತಡೆಗಟ್ಟಲು ಸರ್ಕಾರ ಹೊಸ ಕಾನೂನು ಜಾರಿಗೆ ತರಲು ಮುಂದಾಗಿದೆ’
ಬೆಂಗಳೂರು: ಸುಳ್ಳು ಸುದ್ದಿಗಳ ಹಾವಳಿ ಮತ್ತು ದುರುಪಯೋಗ ಸುದ್ದಿಗಳ ಹಾವಳಿ ಹೆಚ್ಚಾಗುತ್ತಿರುವ ಹಿನ್ನೆಲೆಯಲ್ಲಿ ಅವುಗಳನ್ನು ತಡೆಗಟ್ಟಲು ಸರ್ಕಾರ ಹೊಸ ಕಾನೂನು ಜಾರಿಗೆ ತರಲು ಮುಂದಾಗಿದೆ. ಇದು ಅಭಿವ್ಯಕ್ತಿ ಸ್ವಾತಂತ್ರ್ಯಕ್ಕೆ ಧಕ್ಕೆ ತರುವ ಕಾನೂನು ಅಲ್ಲ ಎಂದು ಮುಖ್ಯಮಂತ್ರಿಗಳ ಮಾಧ್ಯಮ ಸಲಹೆಗಾರ ಕೆ.ವಿ.ಪ್ರಭಾಕರ್ ಹೇಳಿದರು. ಮಂಗಳವಾರ ನಗರದ ಪ್ರೆಸ್‌ಕ್ಲಬ್‌ನಲ್ಲಿ ‘ಕೆಂಪೇಗೌಡ ಪತ್ರಿಕಾ ಬಳಗ’ದ ವತಿಯಿಂದ ಪತ್ರಿಕಾ ದಿನಾಚರಣೆ ಪ್ರಯುಕ್ತ ‘ವಾರಪತ್ರಿಕೆ ಅಂದು–ಇಂದು’ ವಿಷಯ ಕುರಿತು ಆಯೋಜಿಸಿದ್ದ ವಿಚಾರ ಸಂಕಿರಣದಲ್ಲಿ ಅವರು ಮಾತನಾಡಿದರು.
ಎಂದು ತಿಳಿಸಿದರು. ‘ಪತ್ರಿಕಾ ಮೂಲಕ ಸಮಾಜಕ್ಕೆ ಮತ್ತು ಸರ್ಕಾರಕ್ಕೆ ಹೊಣೆಗಾರಿಕೆಯ ಸಂದೇಶ ರವಾನಿಸುವ ಸುದ್ದಿಗಳು ಬರಬೇಕು. ಸುಳ್ಳು ಸುದ್ದಿಗಳನ್ನು ಸೃಷ್ಟಿ ಮಾಡಿ ಸಮಾಜವನ್ನು ದಾರಿ ತಪ್ಪಿಸುವ ಕೆಲಸ ಆಗಬಾರದು. ವಾರಪತ್ರಿಕೆಗಳು ಸಮಾಜದ ಆಗುಹೋಗುಗಳ ಕುರಿತು ವಿಶ್ಲೇಷಣಾತ್ಮಕ ಬರಹಗಳನ್ನು ಪ್ರಕಟಿಸುವ ಮೂಲಕ ಜನರ ವಿಶ್ವಾಸ ಗಳಿಸಬೇಕು. ಮುಖ್ಯಮಂತ್ರಿಗಳ ಪತ್ರಿಕಾ ಕಾರ್ಯದರ್ಶಿ ಕೆ.ವಿ.ಪ್ರಭಾಕರ್ ಅವರು ಮಾತನಾಡಿ ಪತ್ರಿಕೋದ್ಯಮದ ಸವಾಲುಗಳನ್ನು ವಿವರಿಸಿದರು.
PRESS CLUB OF BANGALORE
ಲಂಕೇಶರ ಗರಡಿಯಲ್ಲಿ ಸಾಹಿತಿಗಳು, ಚಿಂತಕರು ಪತ್ರಕರ್ತರಾಗಿ ರೂಪುಗೊಂಡರು. ಅವರ ಪತ್ರಿಕೆಯಲ್ಲಿ ಪ್ರಕಟವಾಗುತ್ತಿದ್ದ ಬರಹಗಳು ರಾಜಕಾರಣಿಗಳ ಹಾಗೂ ಅಧಿಕಾರಿಗಳ ನಡೆ ನುಡಿಗಳನ್ನು ಪ್ರಶ್ನಿಸುತ್ತಿದ್ದವು. ಪತ್ರಿಕೆ ಸಮಾಜದ ಕನ್ನಡಿಯಾಗಿ ಕೆಲಸ ಮಾಡಿತು. ಈಗ ಮಾಧ್ಯಮ ಕ್ಷೇತ್ರದಲ್ಲಿ ಬದಲಾವಣೆಗಳಾಗಿದ್ದು, ಸಾಮಾಜಿಕ ಜಾಲತಾಣಗಳ ಪ್ರಭಾವ ಹೆಚ್ಚಾಗಿದೆ. ಕನ್ನಡ ಪತ್ರಿಕೋದ್ಯಮಕ್ಕೆ ಹೊಸ ಸ್ವರೂಪ ಕೊಡುವ ನಿಟ್ಟಿನಲ್ಲಿ ಯುವ ಪತ್ರಕರ್ತರು ತೊಡಗಬೇಕು ಎಂದರು.
ಆಡಳಿತದ ಮೇಲೆ ನಿಗಾ ಇಡುವ ಕಾವಲು ನಾಯಿಯಂತೆ ಮಾಧ್ಯಮ ಕೆಲಸ ಮಾಡಬೇಕು. ವಾರಪತ್ರಿಕೆಗಳು ಸ್ಥಳೀಯ ಮಟ್ಟದ ಸಮಸ್ಯೆಗಳನ್ನು ಬೆಳಕಿಗೆ ತರುವ ಮೂಲಕ ಜನಪರವಾಗಿ ಕೆಲಸ ಮಾಡುತ್ತಿವೆ. ಆದರೆ ಇಂದಿನ ಮಾಧ್ಯಮಗಳು ಪ್ರಚಾರದ ಹಿಂದೆ ಬಿದ್ದಿವೆ ಎಂದು ವಿಷಾದಿಸಿದರು. ಪತ್ರಕರ್ತರು ವೃತ್ತಿಪರತೆ ಕಾಯ್ದುಕೊಳ್ಳಬೇಕು, ಸತ್ಯವನ್ನು ಬರೆಯಬೇಕು ಎಂದು ಅವರು ಸಲಹೆ ನೀಡಿದರು.
ಆದಾಯವನ್ನು ಪಡೆದು ಪತ್ರಿಕೆ ನಡೆಸುವುದು ಕಷ್ಟದ ಕೆಲಸ. ಈ ಸವಾಲುಗಳ ನಡುವೆಯೂ ವಾರಪತ್ರಿಕೆಗಳು ಜನರ ಧ್ವನಿಯಾಗಿ ಕೆಲಸ ಮಾಡುತ್ತಿವೆ. ಸರ್ಕಾರ ಸಣ್ಣ ಪತ್ರಿಕೆಗಳಿಗೆ ಜಾಹೀರಾತು ನೀಡುವ ನೀತಿಯಲ್ಲಿ ಬದಲಾವಣೆ ತರಬೇಕು. ಈ ಸಂದರ್ಭದಲ್ಲಿ ಹಿರಿಯ ಪತ್ರಕರ್ತರಾದ ಆರ್.ಟಿ.ವಿಠ್ಠಲಮೂರ್ತಿ, ಶಿವಾನಂದ ತಗಡೂರು, ಕೆಂಪೇಗೌಡ ಪತ್ರಿಕಾ ಬಳಗದ ಪದಾಧಿಕಾರಿಗಳು ಉಪಸ್ಥಿತರಿದ್ದರು.
INDU SANJE, KANNADA DAILY EVENING PAPER , Editor, Printer, Publisher and owned by, Ajit Sagar. N, No. 1297, 14/2, 24th Main Road,KHB Colony, Govindarajanagar, Bangalore - 560 079.
Printed at: LAVANYA MUDRANA, #79, TR mill compond, Chamarajpet, Bangalore-560050. KARNATAKA State.
